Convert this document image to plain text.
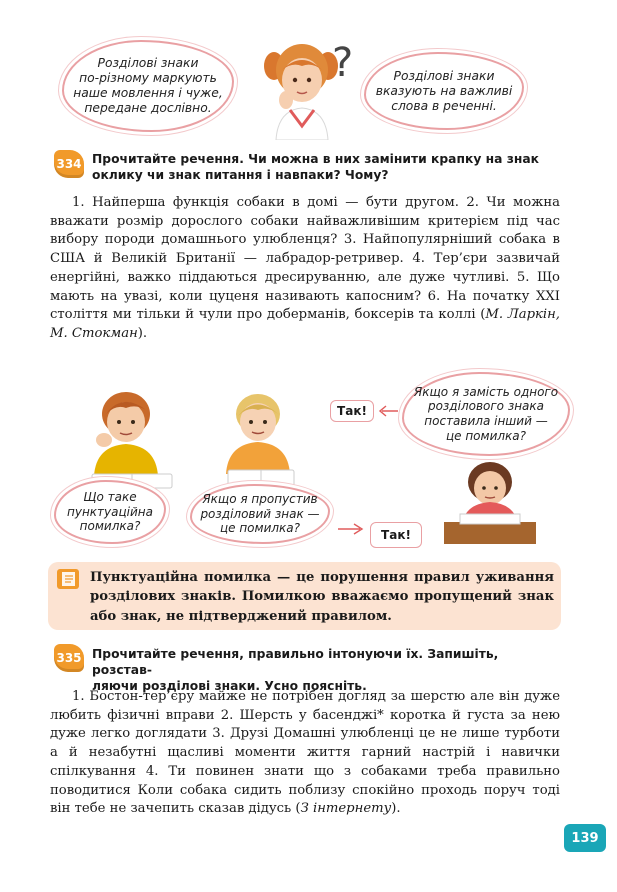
Розділові знаки
по-різному маркують
наше мовлення і чуже,
передане дослівно.
?	Розділові знаки
вказують на важливі
слова в реченні.
334 Прочитайте речення. Чи можна в них замінити крапку на знак
оклику чи знак питання і навпаки? Чому?
1. Найперша функція собаки в домі — бути другом. 2. Чи можна вважати розмір дорослого собаки найважливішим критерієм під час вибору породи домашнього улюбленця? 3. Найпопулярніший собака в США й Великій Британії — лабрадор-ретривер. 4. Тер’єри зазвичай енергійні, важко піддаються дресируванню, але дуже чутливі. 5. Що мають на увазі, коли цуценя називають капосним? 6. На початку XXI століття ми тільки й чули про доберманів, боксерів та коллі (М. Ларкін, М. Стокман).
Так!
Якщо я замість одного
розділового знака
поставила інший —
це помилка?
Що таке
пунктуаційна
помилка?
Якщо я пропустив
розділовий знак —
це помилка?	Так!
Пунктуаційна помилка — це порушення правил уживання розділових знаків. Помилкою вважаємо пропущений знак або знак, не підтверджений правилом.
335 Прочитайте речення, правильно інтонуючи їх. Запишіть, розстав-
ляючи розділові знаки. Усно поясніть.
1. Бостон-тер’єру майже не потрібен догляд за шерстю але він дуже любить фізичні вправи 2. Шерсть у басенджі* коротка й густа за нею дуже легко доглядати 3. Друзі Домашні улюбленці це не лише турботи а й незабутні щасливі моменти життя гарний настрій і навички спілкування 4. Ти повинен знати що з собаками треба правильно поводитися Коли собака сидить поблизу спокійно проходь поруч тоді він тебе не зачепить сказав дідусь (З інтернету).
139
